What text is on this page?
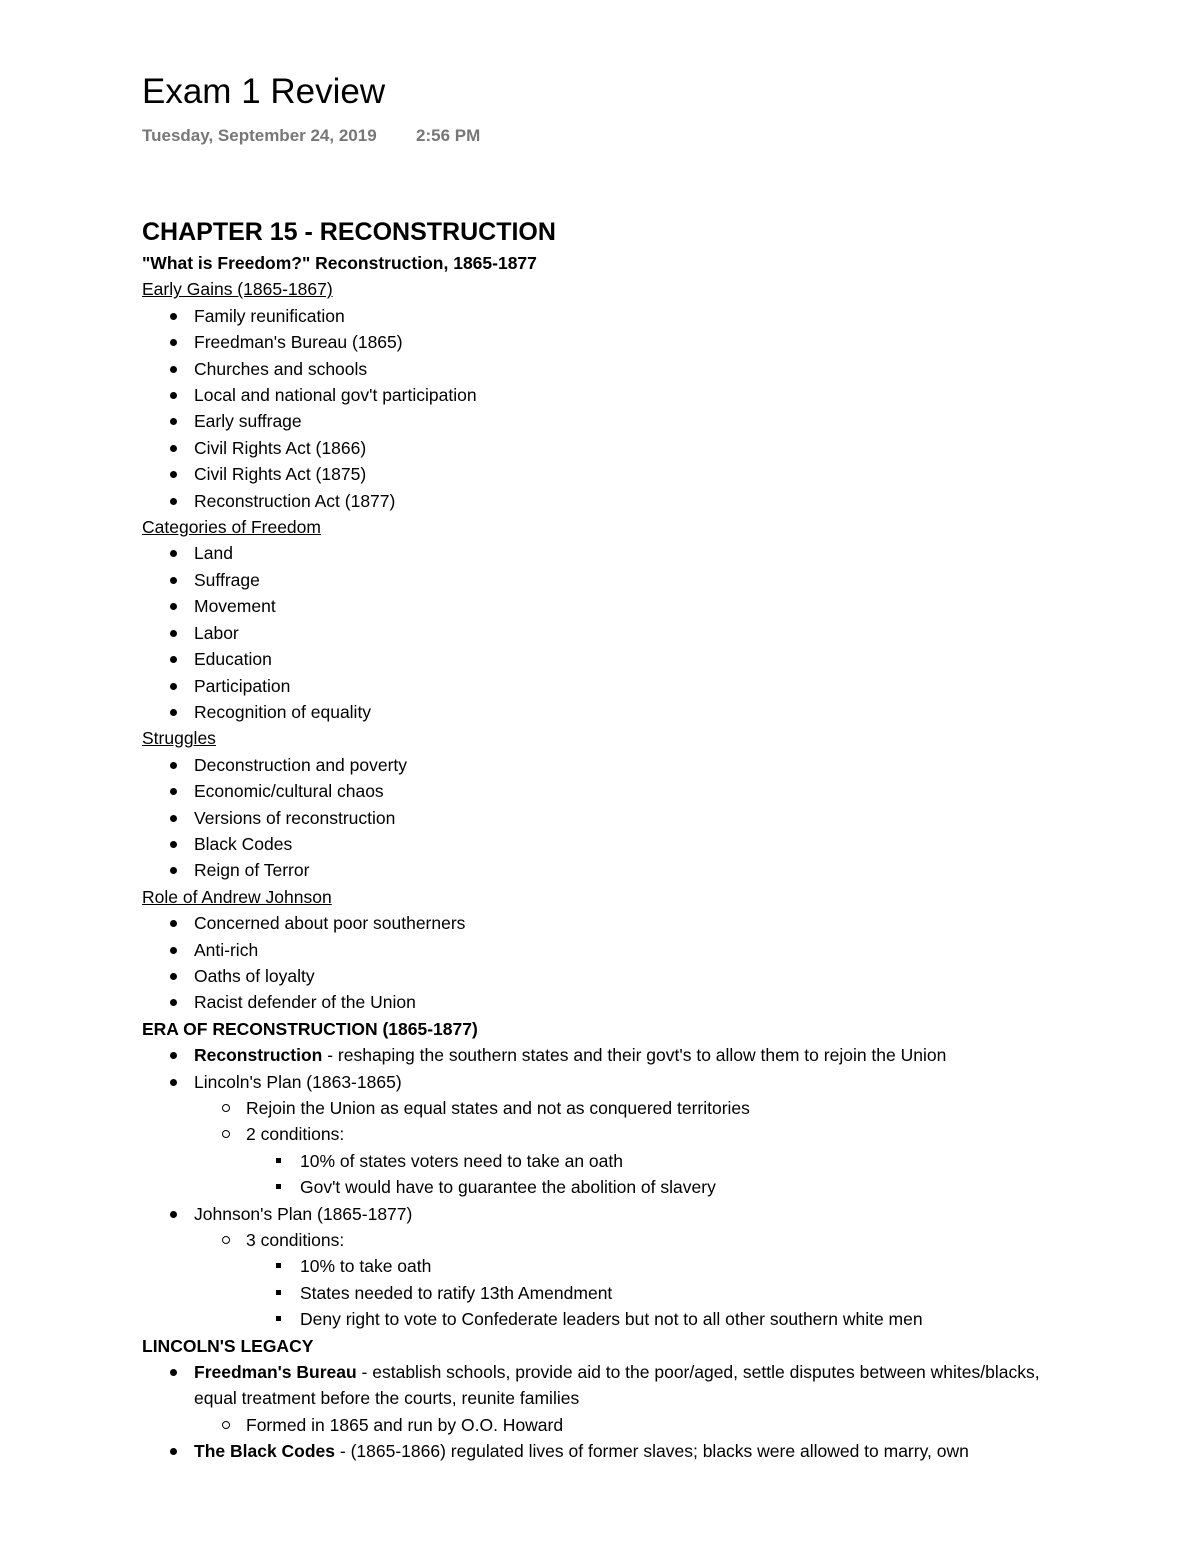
Exam 1 Review
Tuesday, September 24, 2019 2:56 PM
CHAPTER 15 - RECONSTRUCTION
"What is Freedom?" Reconstruction, 1865-1877
Early Gains (1865-1867)
Family reunification
Freedman's Bureau (1865)
Churches and schools
Local and national gov't participation
Early suffrage
Civil Rights Act (1866)
Civil Rights Act (1875)
Reconstruction Act (1877)
Categories of Freedom
Land
Suffrage
Movement
Labor
Education
Participation
Recognition of equality
Struggles
Deconstruction and poverty
Economic/cultural chaos
Versions of reconstruction
Black Codes
Reign of Terror
Role of Andrew Johnson
Concerned about poor southerners
Anti-rich
Oaths of loyalty
Racist defender of the Union
ERA OF RECONSTRUCTION (1865-1877)
Reconstruction - reshaping the southern states and their govt's to allow them to rejoin the Union
Lincoln's Plan (1863-1865)
Rejoin the Union as equal states and not as conquered territories
2 conditions:
10% of states voters need to take an oath
Gov't would have to guarantee the abolition of slavery
Johnson's Plan (1865-1877)
3 conditions:
10% to take oath
States needed to ratify 13th Amendment
Deny right to vote to Confederate leaders but not to all other southern white men
LINCOLN'S LEGACY
Freedman's Bureau - establish schools, provide aid to the poor/aged, settle disputes between whites/blacks, equal treatment before the courts, reunite families
Formed in 1865 and run by O.O. Howard
The Black Codes - (1865-1866) regulated lives of former slaves; blacks were allowed to marry, own
